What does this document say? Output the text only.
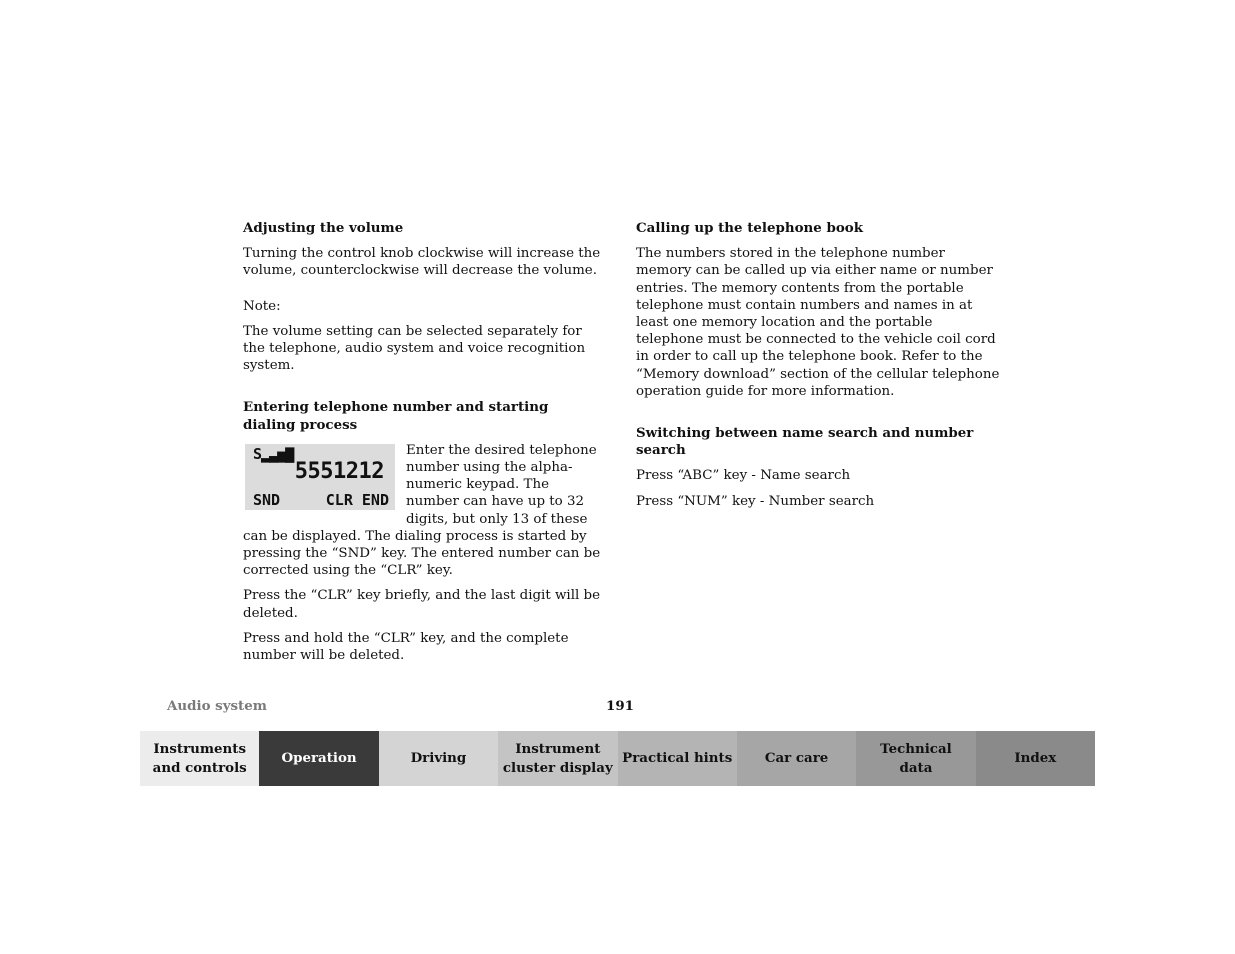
Adjusting the volume

Turning the control knob clockwise will increase the volume, counterclockwise will decrease the volume.

Note:

The volume setting can be selected separately for the telephone, audio system and voice recognition system.

Entering telephone number and starting dialing process
S▂▃▅▇
5551212
SND	CLR END

Enter the desired telephone number using the alpha-numeric keypad. The number can have up to 32 digits, but only 13 of these can be displayed. The dialing process is started by pressing the “SND” key. The entered number can be corrected using the “CLR” key.

Press the “CLR” key briefly, and the last digit will be deleted.

Press and hold the “CLR” key, and the complete number will be deleted.

Calling up the telephone book

The numbers stored in the telephone number memory can be called up via either name or number entries. The memory contents from the portable telephone must contain numbers and names in at least one memory location and the portable telephone must be connected to the vehicle coil cord in order to call up the telephone book. Refer to the “Memory download” section of the cellular telephone operation guide for more information.

Switching between name search and number search

Press “ABC” key - Name search

Press “NUM” key - Number search

Audio system	191
Instruments
and controls
Operation	Driving
Instrument
cluster display
Practical hints	Car care
Technical
data
Index
